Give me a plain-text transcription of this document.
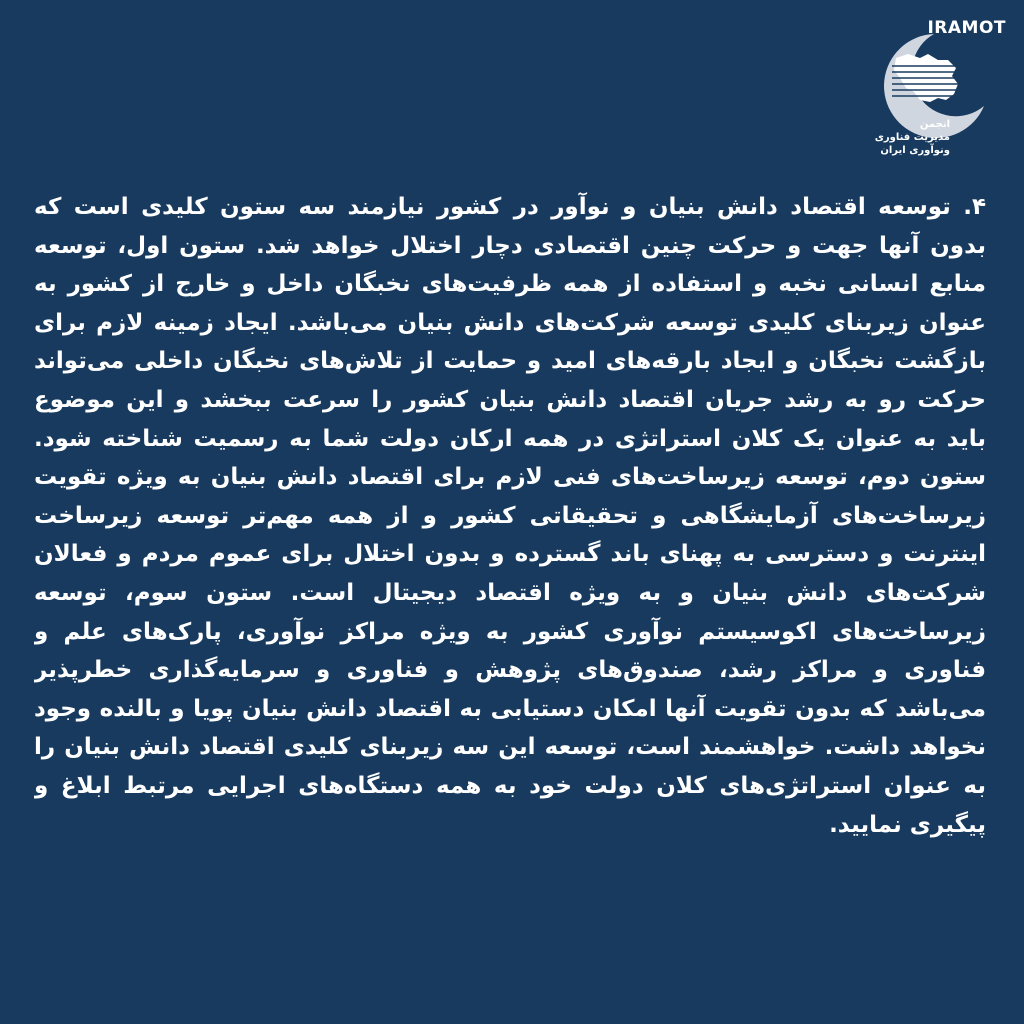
IRAMOT
انجمن
مدیریت فناوری
ونوآوری ایران

۴. توسعه اقتصاد دانش بنیان و نوآور در کشور نیازمند سه ستون کلیدی است که بدون آنها جهت و حرکت چنین اقتصادی دچار اختلال خواهد شد. ستون اول، توسعه منابع انسانی نخبه و استفاده از همه ظرفیت‌های نخبگان داخل و خارج از کشور به عنوان زیربنای کلیدی توسعه شرکت‌های دانش بنیان می‌باشد. ایجاد زمینه لازم برای بازگشت نخبگان و ایجاد بارقه‌های امید و حمایت از تلاش‌های نخبگان داخلی می‌تواند حرکت رو به رشد جریان اقتصاد دانش بنیان کشور را سرعت ببخشد و این موضوع باید به عنوان یک کلان استراتژی در همه ارکان دولت شما به رسمیت شناخته شود. ستون دوم، توسعه زیرساخت‌های فنی لازم برای اقتصاد دانش بنیان به ویژه تقویت زیرساخت‌های آزمایشگاهی و تحقیقاتی کشور و از همه مهم‌تر توسعه زیرساخت اینترنت و دسترسی به پهنای باند گسترده و بدون اختلال برای عموم مردم و فعالان شرکت‌های دانش بنیان و به ویژه اقتصاد دیجیتال است. ستون سوم، توسعه زیرساخت‌های اکوسیستم نوآوری کشور به ویژه مراکز نوآوری، پارک‌های علم و فناوری و مراکز رشد، صندوق‌های پژوهش و فناوری و سرمایه‌گذاری خطرپذیر می‌باشد که بدون تقویت آنها امکان دستیابی به اقتصاد دانش بنیان پویا و بالنده وجود نخواهد داشت. خواهشمند است، توسعه این سه زیربنای کلیدی اقتصاد دانش بنیان را به عنوان استراتژی‌های کلان دولت خود به همه دستگاه‌های اجرایی مرتبط ابلاغ و پیگیری نمایید.
